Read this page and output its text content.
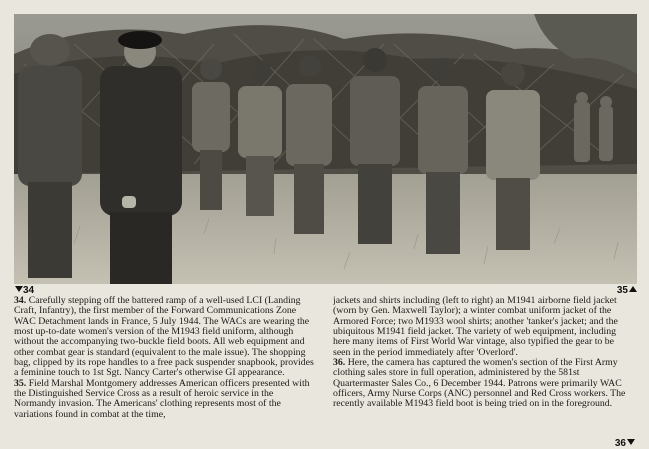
34	35
36

34. Carefully stepping off the battered ramp of a well-used LCI (Landing Craft, Infantry), the first member of the Forward Communications Zone WAC Detachment lands in France, 5 July 1944. The WACs are wearing the most up-to-date women's version of the M1943 field uniform, although without the accompanying two-buckle field boots. All web equipment and other combat gear is standard (equivalent to the male issue). The shopping bag, clipped by its rope handles to a free pack suspender snapbook, provides a feminine touch to 1st Sgt. Nancy Carter's otherwise GI appearance.

35. Field Marshal Montgomery addresses American officers presented with the Distinguished Service Cross as a result of heroic service in the Normandy invasion. The Americans' clothing represents most of the variations found in combat at the time,

jackets and shirts including (left to right) an M1941 airborne field jacket (worn by Gen. Maxwell Taylor); a winter combat uniform jacket of the Armored Force; two M1933 wool shirts; another 'tanker's jacket; and the ubiquitous M1941 field jacket. The variety of web equipment, including here many items of First World War vintage, also typified the gear to be seen in the period immediately after 'Overlord'.

36. Here, the camera has captured the women's section of the First Army clothing sales store in full operation, administered by the 581st Quartermaster Sales Co., 6 December 1944. Patrons were primarily WAC officers, Army Nurse Corps (ANC) personnel and Red Cross workers. The recently available M1943 field boot is being tried on in the foreground.
